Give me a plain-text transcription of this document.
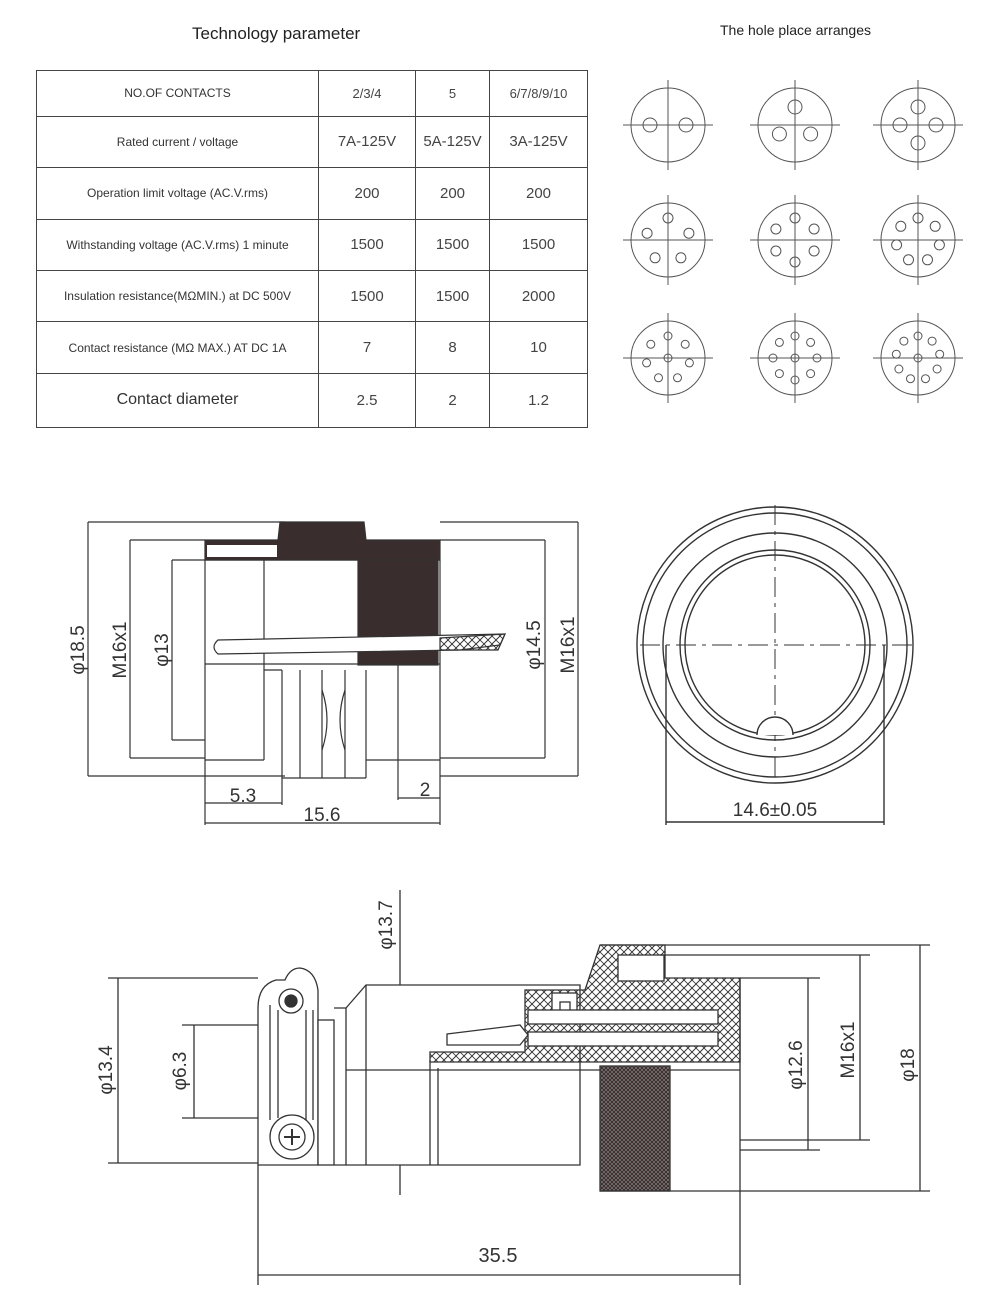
Technology parameter	The hole place arranges
NO.OF CONTACTS	2/3/4	5	6/7/8/9/10
Rated current / voltage	7A-125V	5A-125V	3A-125V
Operation limit voltage (AC.V.rms)	200	200	200
Withstanding voltage (AC.V.rms) 1 minute	1500	1500	1500
Insulation resistance(MΩMIN.) at DC 500V	1500	1500	2000
Contact resistance (MΩ MAX.) AT DC 1A	7	8	10
Contact diameter	2.5	2	1.2
φ18.5 M16x1 φ13	φ14.5 M16x1
5.3	2
15.6	14.6±0.05
φ13.4	φ6.3
φ13.7
φ12.6 M16x1 φ18
35.5
